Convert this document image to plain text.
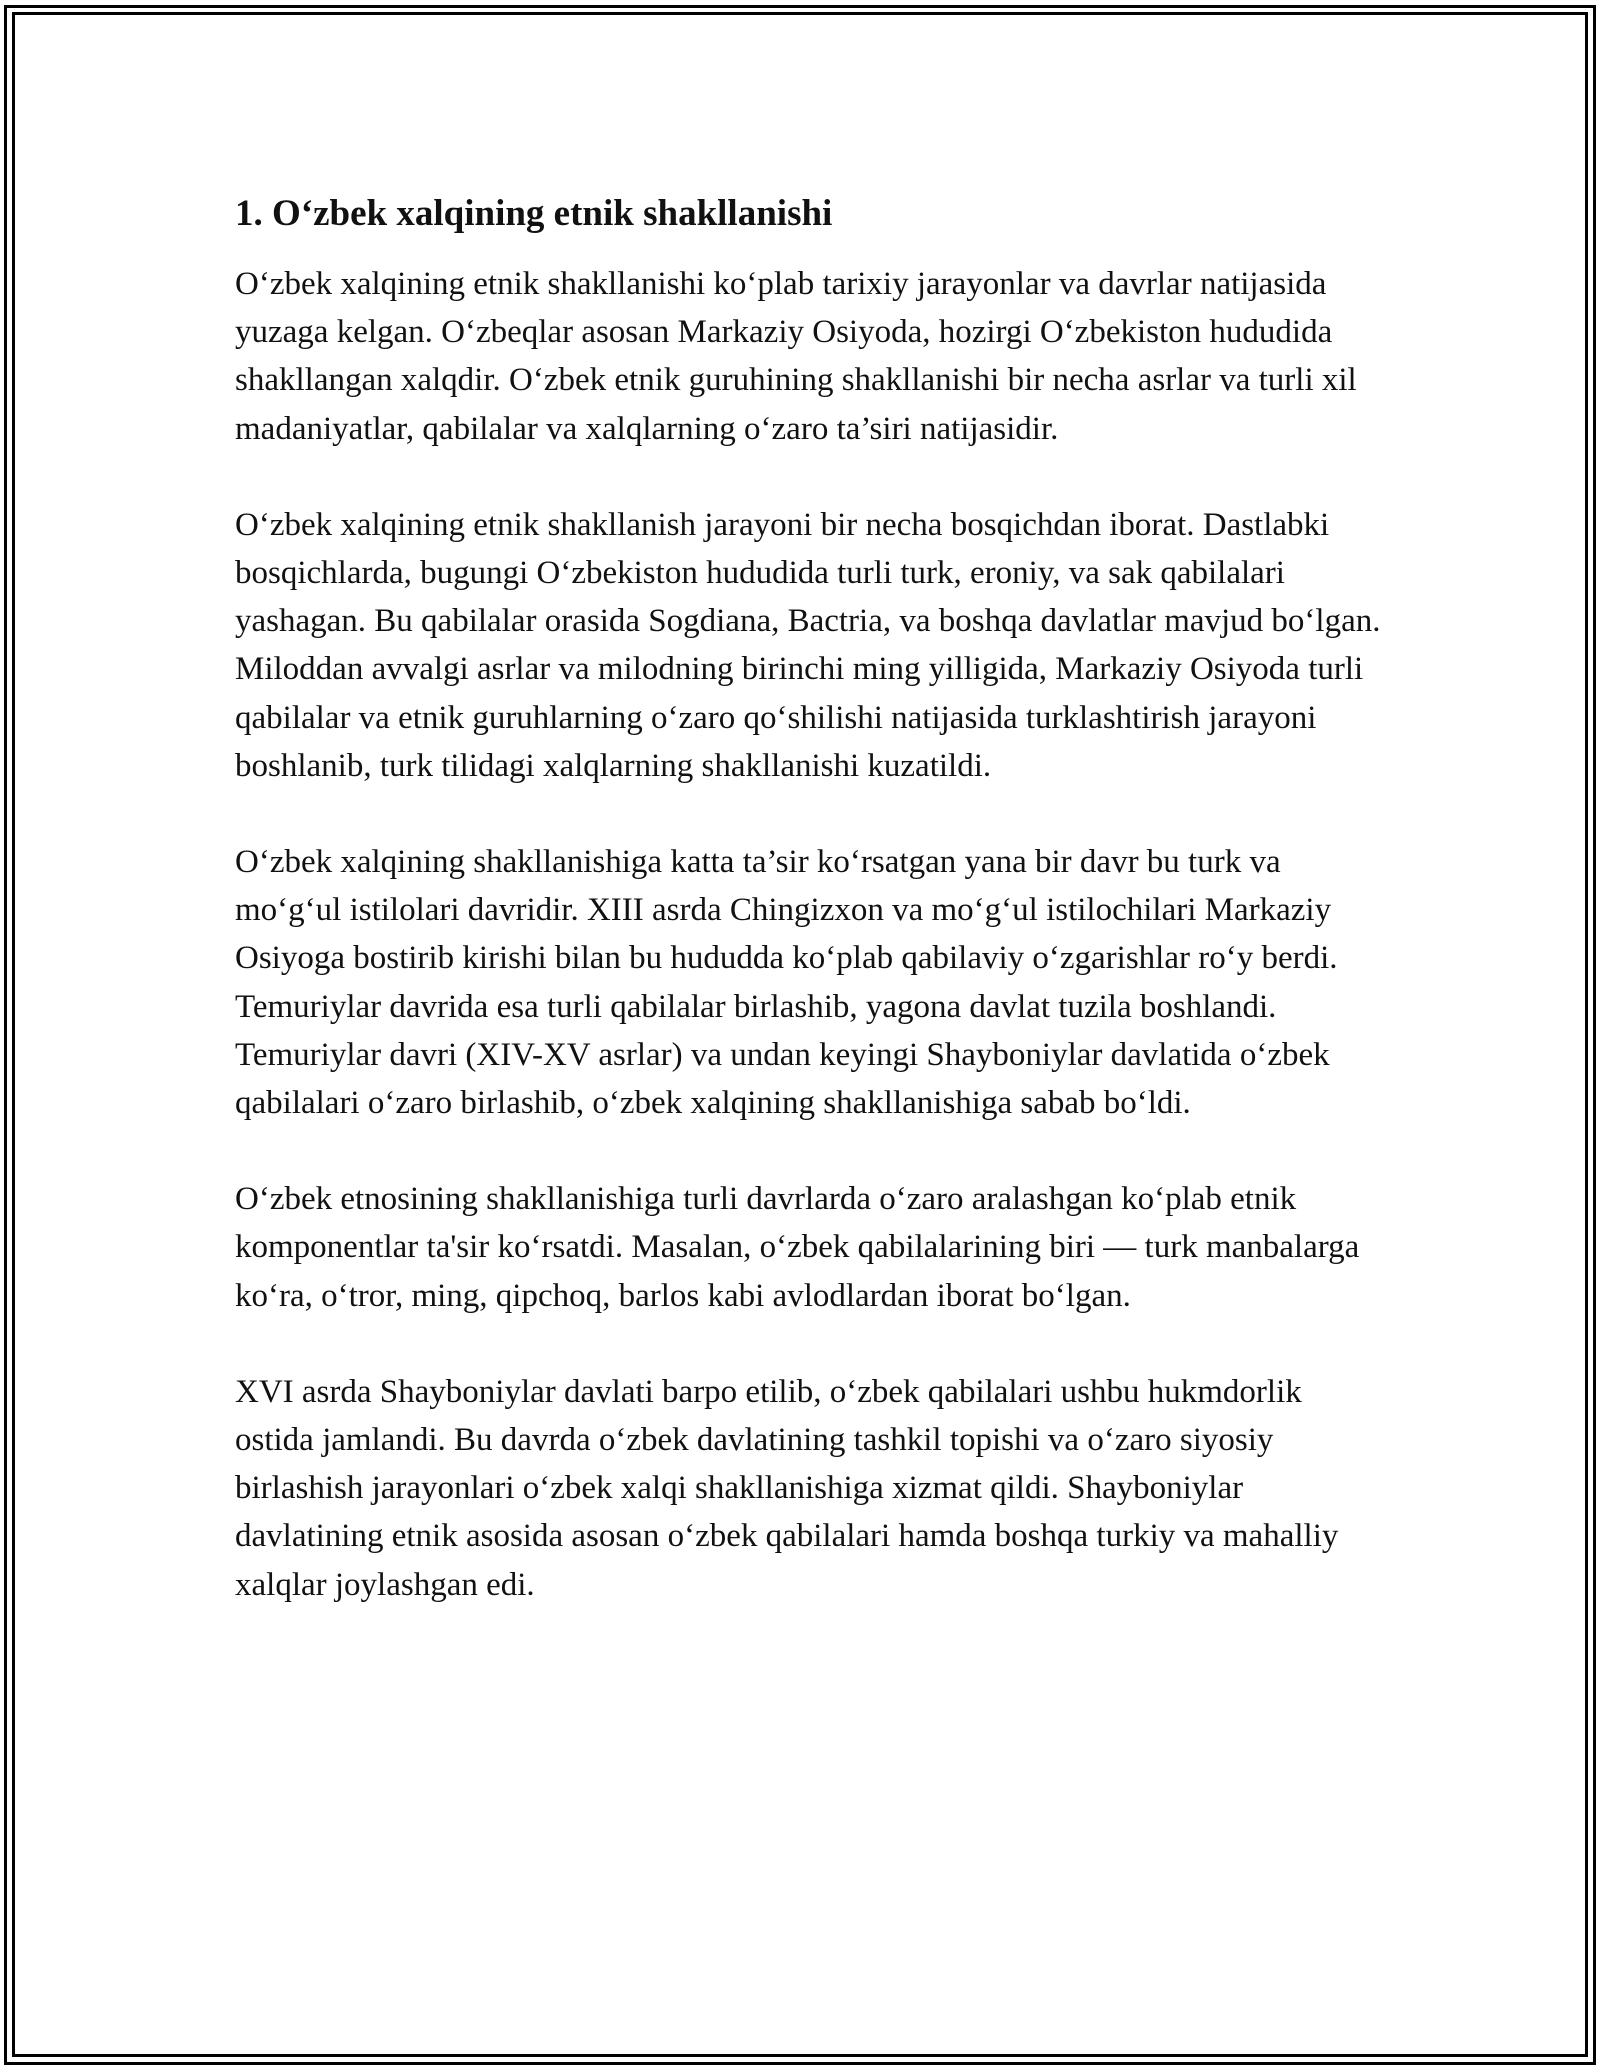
1. O‘zbek xalqining etnik shakllanishi

O‘zbek xalqining etnik shakllanishi ko‘plab tarixiy jarayonlar va davrlar natijasida yuzaga kelgan. O‘zbeqlar asosan Markaziy Osiyoda, hozirgi O‘zbekiston hududida shakllangan xalqdir. O‘zbek etnik guruhining shakllanishi bir necha asrlar va turli xil madaniyatlar, qabilalar va xalqlarning o‘zaro ta’siri natijasidir.

O‘zbek xalqining etnik shakllanish jarayoni bir necha bosqichdan iborat. Dastlabki bosqichlarda, bugungi O‘zbekiston hududida turli turk, eroniy, va sak qabilalari yashagan. Bu qabilalar orasida Sogdiana, Bactria, va boshqa davlatlar mavjud bo‘lgan. Miloddan avvalgi asrlar va milodning birinchi ming yilligida, Markaziy Osiyoda turli qabilalar va etnik guruhlarning o‘zaro qo‘shilishi natijasida turklashtirish jarayoni boshlanib, turk tilidagi xalqlarning shakllanishi kuzatildi.

O‘zbek xalqining shakllanishiga katta ta’sir ko‘rsatgan yana bir davr bu turk va mo‘g‘ul istilolari davridir. XIII asrda Chingizxon va mo‘g‘ul istilochilari Markaziy Osiyoga bostirib kirishi bilan bu hududda ko‘plab qabilaviy o‘zgarishlar ro‘y berdi. Temuriylar davrida esa turli qabilalar birlashib, yagona davlat tuzila boshlandi. Temuriylar davri (XIV-XV asrlar) va undan keyingi Shayboniylar davlatida o‘zbek qabilalari o‘zaro birlashib, o‘zbek xalqining shakllanishiga sabab bo‘ldi.

O‘zbek etnosining shakllanishiga turli davrlarda o‘zaro aralashgan ko‘plab etnik komponentlar ta'sir ko‘rsatdi. Masalan, o‘zbek qabilalarining biri — turk manbalarga ko‘ra, o‘tror, ming, qipchoq, barlos kabi avlodlardan iborat bo‘lgan.

XVI asrda Shayboniylar davlati barpo etilib, o‘zbek qabilalari ushbu hukmdorlik ostida jamlandi. Bu davrda o‘zbek davlatining tashkil topishi va o‘zaro siyosiy birlashish jarayonlari o‘zbek xalqi shakllanishiga xizmat qildi. Shayboniylar davlatining etnik asosida asosan o‘zbek qabilalari hamda boshqa turkiy va mahalliy xalqlar joylashgan edi.
